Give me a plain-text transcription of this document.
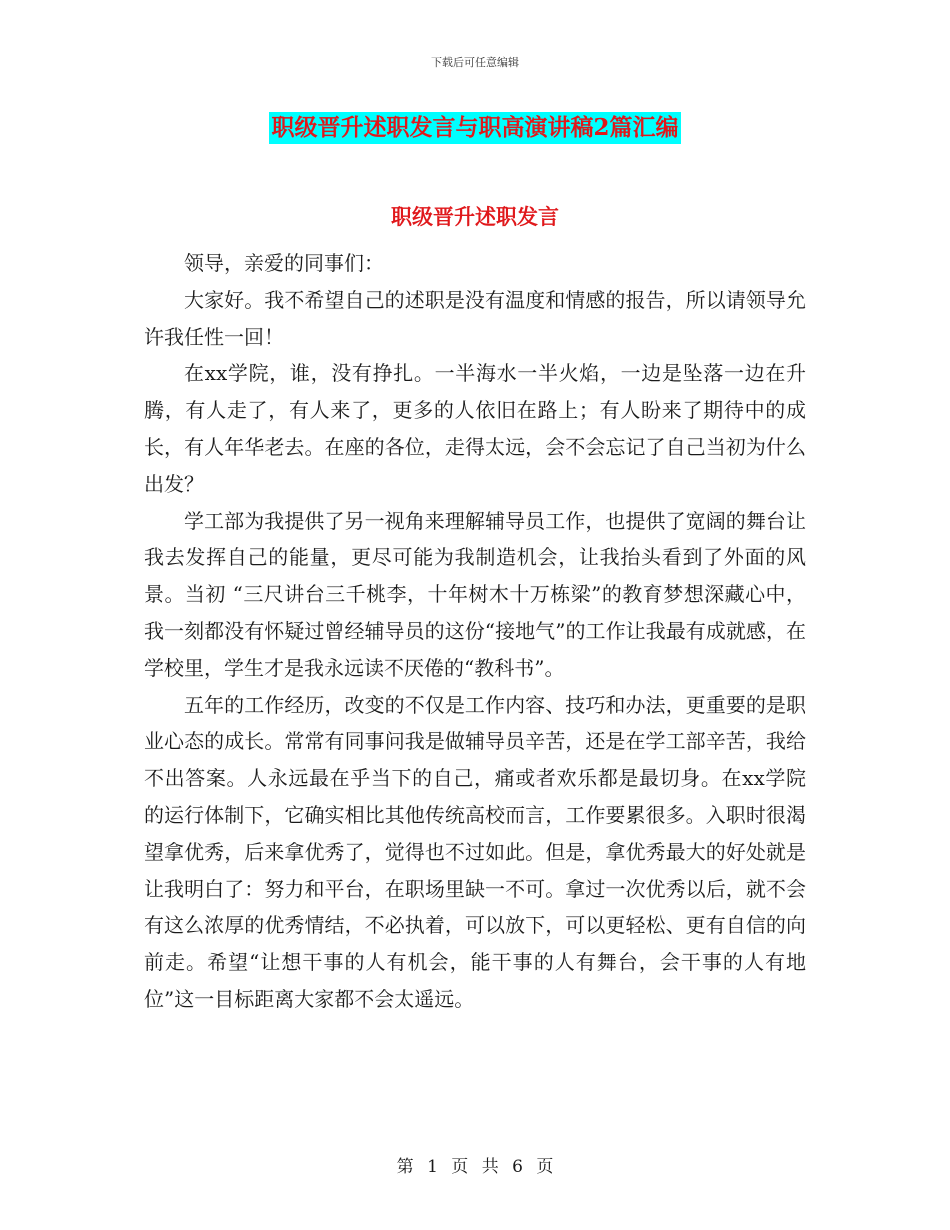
下载后可任意编辑
职级晋升述职发言与职高演讲稿2篇汇编
职级晋升述职发言

领导，亲爱的同事们：

大家好。我不希望自己的述职是没有温度和情感的报告，所以请领导允许我任性一回！

在xx学院，谁，没有挣扎。一半海水一半火焰，一边是坠落一边在升腾，有人走了，有人来了，更多的人依旧在路上；有人盼来了期待中的成长，有人年华老去。在座的各位，走得太远，会不会忘记了自己当初为什么出发？

学工部为我提供了另一视角来理解辅导员工作，也提供了宽阔的舞台让我去发挥自己的能量，更尽可能为我制造机会，让我抬头看到了外面的风景。当初 “三尺讲台三千桃李，十年树木十万栋梁”的教育梦想深藏心中，我一刻都没有怀疑过曾经辅导员的这份“接地气”的工作让我最有成就感，在学校里，学生才是我永远读不厌倦的“教科书”。

五年的工作经历，改变的不仅是工作内容、技巧和办法，更重要的是职业心态的成长。常常有同事问我是做辅导员辛苦，还是在学工部辛苦，我给不出答案。人永远最在乎当下的自己，痛或者欢乐都是最切身。在xx学院的运行体制下，它确实相比其他传统高校而言，工作要累很多。入职时很渴望拿优秀，后来拿优秀了，觉得也不过如此。但是，拿优秀最大的好处就是让我明白了：努力和平台，在职场里缺一不可。拿过一次优秀以后，就不会有这么浓厚的优秀情结，不必执着，可以放下，可以更轻松、更有自信的向前走。希望“让想干事的人有机会，能干事的人有舞台，会干事的人有地位”这一目标距离大家都不会太遥远。

第 1 页 共 6 页
